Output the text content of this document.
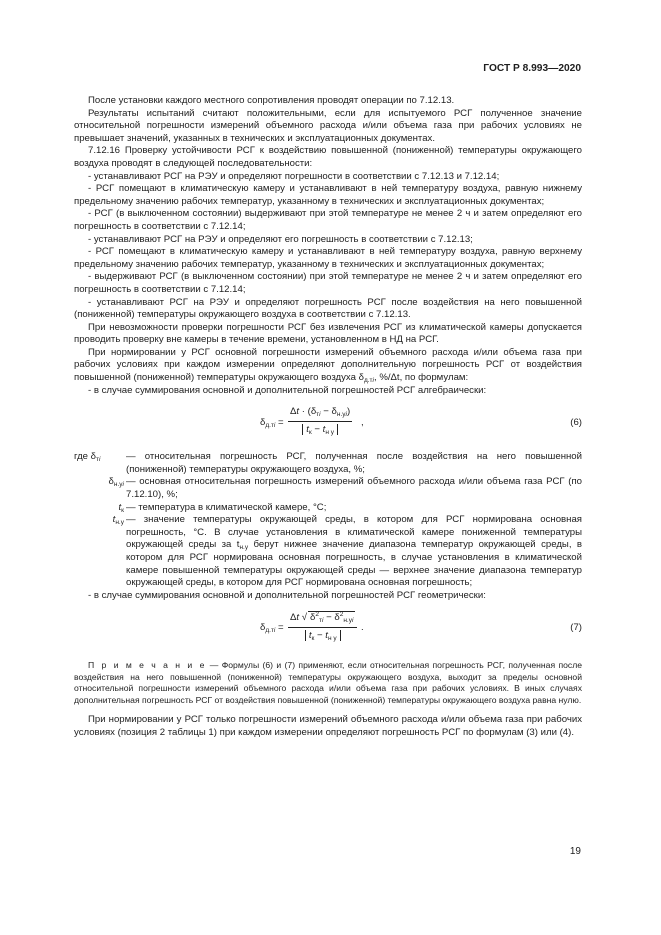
ГОСТ Р 8.993—2020

После установки каждого местного сопротивления проводят операции по 7.12.13.

Результаты испытаний считают положительными, если для испытуемого РСГ полученное значение относительной погрешности измерений объемного расхода и/или объема газа при рабочих условиях не превышает значений, указанных в технических и эксплуатационных документах.

7.12.16 Проверку устойчивости РСГ к воздействию повышенной (пониженной) температуры окружающего воздуха проводят в следующей последовательности:

- устанавливают РСГ на РЭУ и определяют погрешности в соответствии с 7.12.13 и 7.12.14;

- РСГ помещают в климатическую камеру и устанавливают в ней температуру воздуха, равную нижнему предельному значению рабочих температур, указанному в технических и эксплуатационных документах;

- РСГ (в выключенном состоянии) выдерживают при этой температуре не менее 2 ч и затем определяют его погрешность в соответствии с 7.12.14;

- устанавливают РСГ на РЭУ и определяют его погрешность в соответствии с 7.12.13;

- РСГ помещают в климатическую камеру и устанавливают в ней температуру воздуха, равную верхнему предельному значению рабочих температур, указанному в технических и эксплуатационных документах;

- выдерживают РСГ (в выключенном состоянии) при этой температуре не менее 2 ч и затем определяют его погрешность в соответствии с 7.12.14;

- устанавливают РСГ на РЭУ и определяют погрешность РСГ после воздействия на него повышенной (пониженной) температуры окружающего воздуха в соответствии с 7.12.13.

При невозможности проверки погрешности РСГ без извлечения РСГ из климатической камеры допускается проводить проверку вне камеры в течение времени, установленном в НД на РСГ.

При нормировании у РСГ основной погрешности измерений объемного расхода и/или объема газа при рабочих условиях при каждом измерении определяют дополнительную погрешность РСГ от воздействия повышенной (пониженной) температуры окружающего воздуха $\delta_{д.тi}$, %/Δt, по формулам:

- в случае суммирования основной и дополнительной погрешностей РСГ алгебраически:

$\delta_{д.тi}$ =
$\Delta t \cdot (\delta_{тi} - \delta_{н.уi})$
$t_к - t_{н у}$
,	(6)
где $\delta_{тi}$	— относительная погрешность РСГ, полученная после воздействия на него повышенной (пониженной) температуры окружающего воздуха, %;
$\delta_{н.уi}$ — основная относительная погрешность измерений объемного расхода и/или объема газа РСГ (по 7.12.10), %;
$t_к$ — температура в климатической камере, °С;
$t_{н.у}$ — значение температуры окружающей среды, в котором для РСГ нормирована основная погрешность, °С. В случае установления в климатической камере пониженной температуры окружающей среды за $t_{н.у}$ берут нижнее значение диапазона температур окружающей среды, в котором для РСГ нормирована основная погрешность, в случае установления в климатической камере повышенной температуры окружающей среды — верхнее значение диапазона температур окружающей среды, в котором для РСГ нормирована основная погрешность;

- в случае суммирования основной и дополнительной погрешностей РСГ геометрически:

$\delta_{д.тi}$ =
Δt √ $\delta^2_{тi} - \delta^2_{н.уi}$
$t_к - t_{н у}$
.	(7)

П р и м е ч а н и е — Формулы (6) и (7) применяют, если относительная погрешность РСГ, полученная после воздействия на него повышенной (пониженной) температуры окружающего воздуха, выходит за пределы основной относительной погрешности измерений объемного расхода и/или объема газа при рабочих условиях. В иных случаях дополнительная погрешность РСГ от воздействия повышенной (пониженной) температуры окружающего воздуха равна нулю.

При нормировании у РСГ только погрешности измерений объемного расхода и/или объема газа при рабочих условиях (позиция 2 таблицы 1) при каждом измерении определяют погрешность РСГ по формулам (3) или (4).

19
